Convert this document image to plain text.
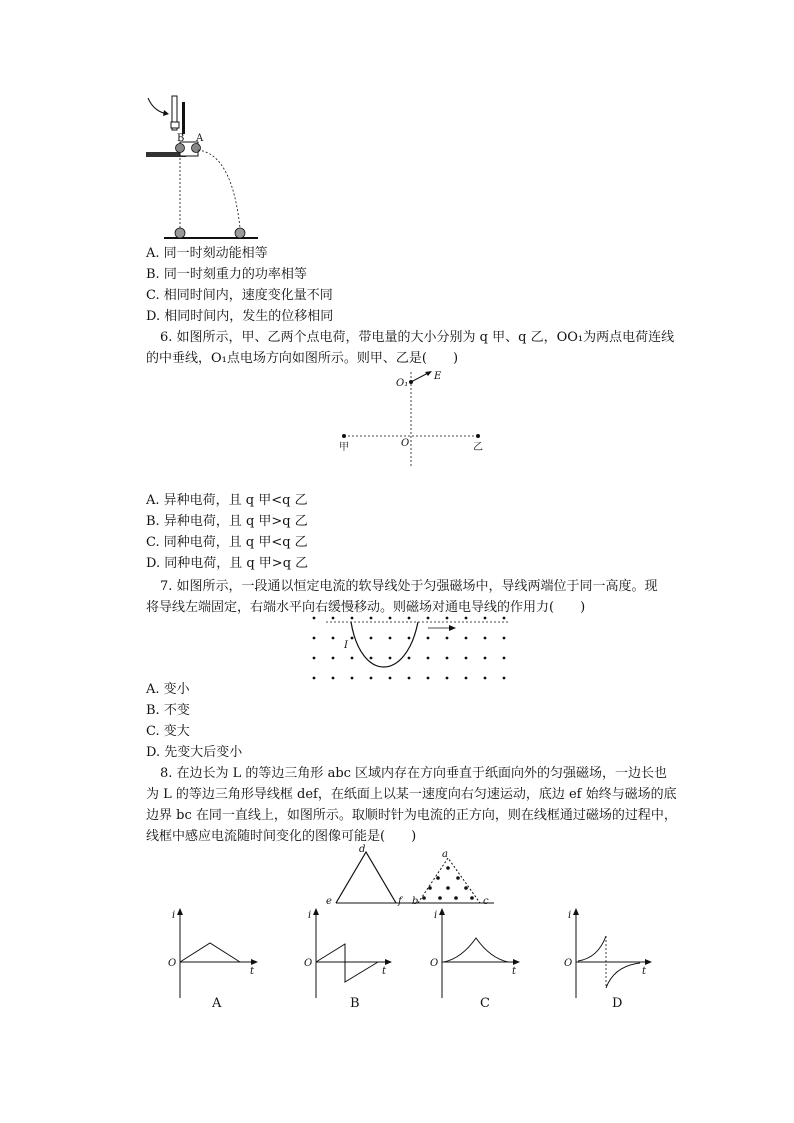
B A
A. 同一时刻动能相等
B. 同一时刻重力的功率相等
C. 相同时间内，速度变化量不同
D. 相同时间内，发生的位移相同
6. 如图所示，甲、乙两个点电荷，带电量的大小分别为 q 甲、q 乙，OO₁为两点电荷连线
的中垂线，O₁点电场方向如图所示。则甲、乙是(　　)
O₁
E
O
甲	乙
A. 异种电荷，且 q 甲<q 乙
B. 异种电荷，且 q 甲>q 乙
C. 同种电荷，且 q 甲<q 乙
D. 同种电荷，且 q 甲>q 乙
7. 如图所示，一段通以恒定电流的软导线处于匀强磁场中，导线两端位于同一高度。现
将导线左端固定，右端水平向右缓慢移动。则磁场对通电导线的作用力(　　)
I
A. 变小
B. 不变
C. 变大
D. 先变大后变小
8. 在边长为 L 的等边三角形 abc 区域内存在方向垂直于纸面向外的匀强磁场，一边长也
为 L 的等边三角形导线框 def，在纸面上以某一速度向右匀速运动，底边 ef 始终与磁场的底
边界 bc 在同一直线上，如图所示。取顺时针为电流的正方向，则在线框通过磁场的过程中，
线框中感应电流随时间变化的图像可能是(　　)
d
e	f
a
b	c
i
t
O
A
i
t
O
B
i
t
O
C
i
t
O
D
